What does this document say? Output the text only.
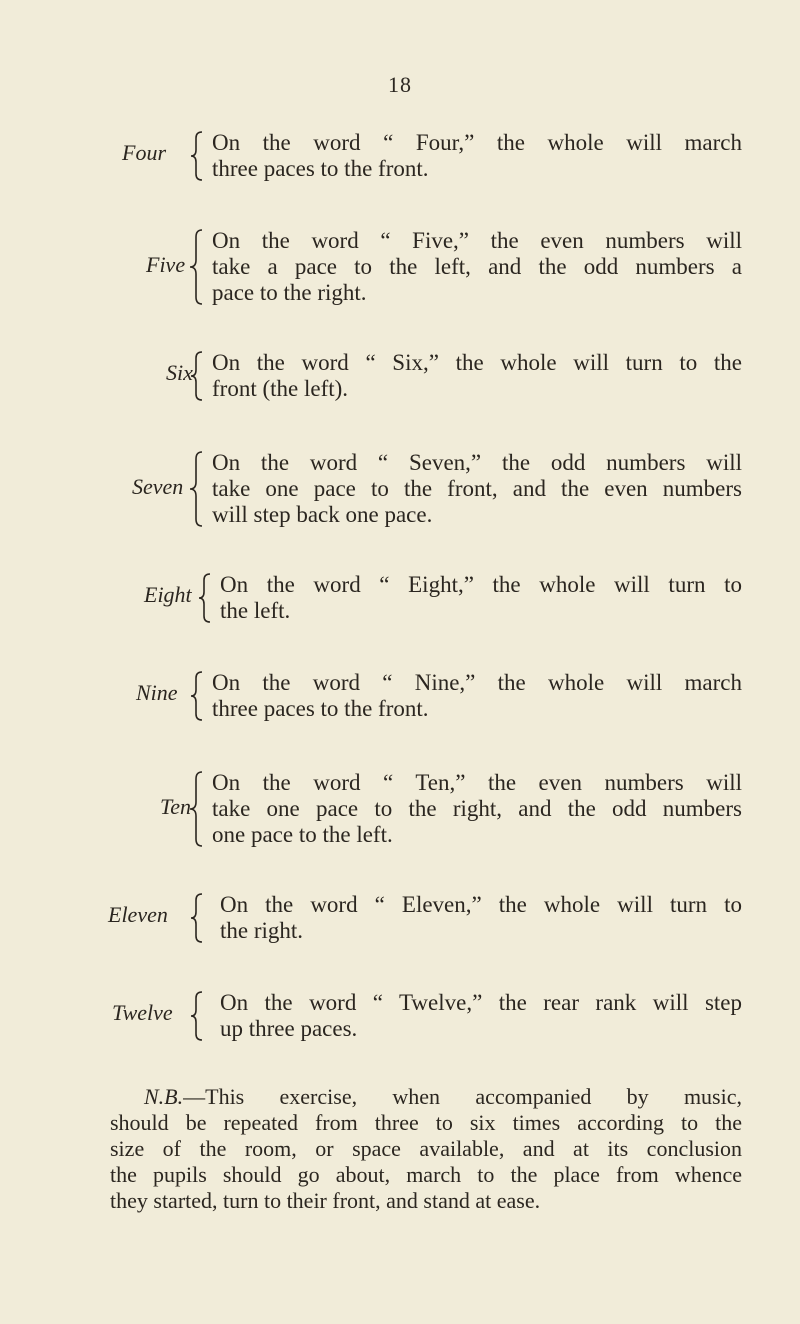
18
Four On the word “ Four,” the whole will march
three paces to the front.
Five
On the word “ Five,” the even numbers will
take a pace to the left, and the odd numbers a
pace to the right.
Six On the word “ Six,” the whole will turn to the
front (the left).
Seven
On the word “ Seven,” the odd numbers will
take one pace to the front, and the even numbers
will step back one pace.
Eight On the word “ Eight,” the whole will turn to
the left.
Nine On the word “ Nine,” the whole will march
three paces to the front.
Ten
On the word “ Ten,” the even numbers will
take one pace to the right, and the odd numbers
one pace to the left.
Eleven On the word “ Eleven,” the whole will turn to
the right.
Twelve On the word “ Twelve,” the rear rank will step
up three paces.
N.B.—This exercise, when accompanied by music,
should be repeated from three to six times according to the
size of the room, or space available, and at its conclusion
the pupils should go about, march to the place from whence
they started, turn to their front, and stand at ease.
